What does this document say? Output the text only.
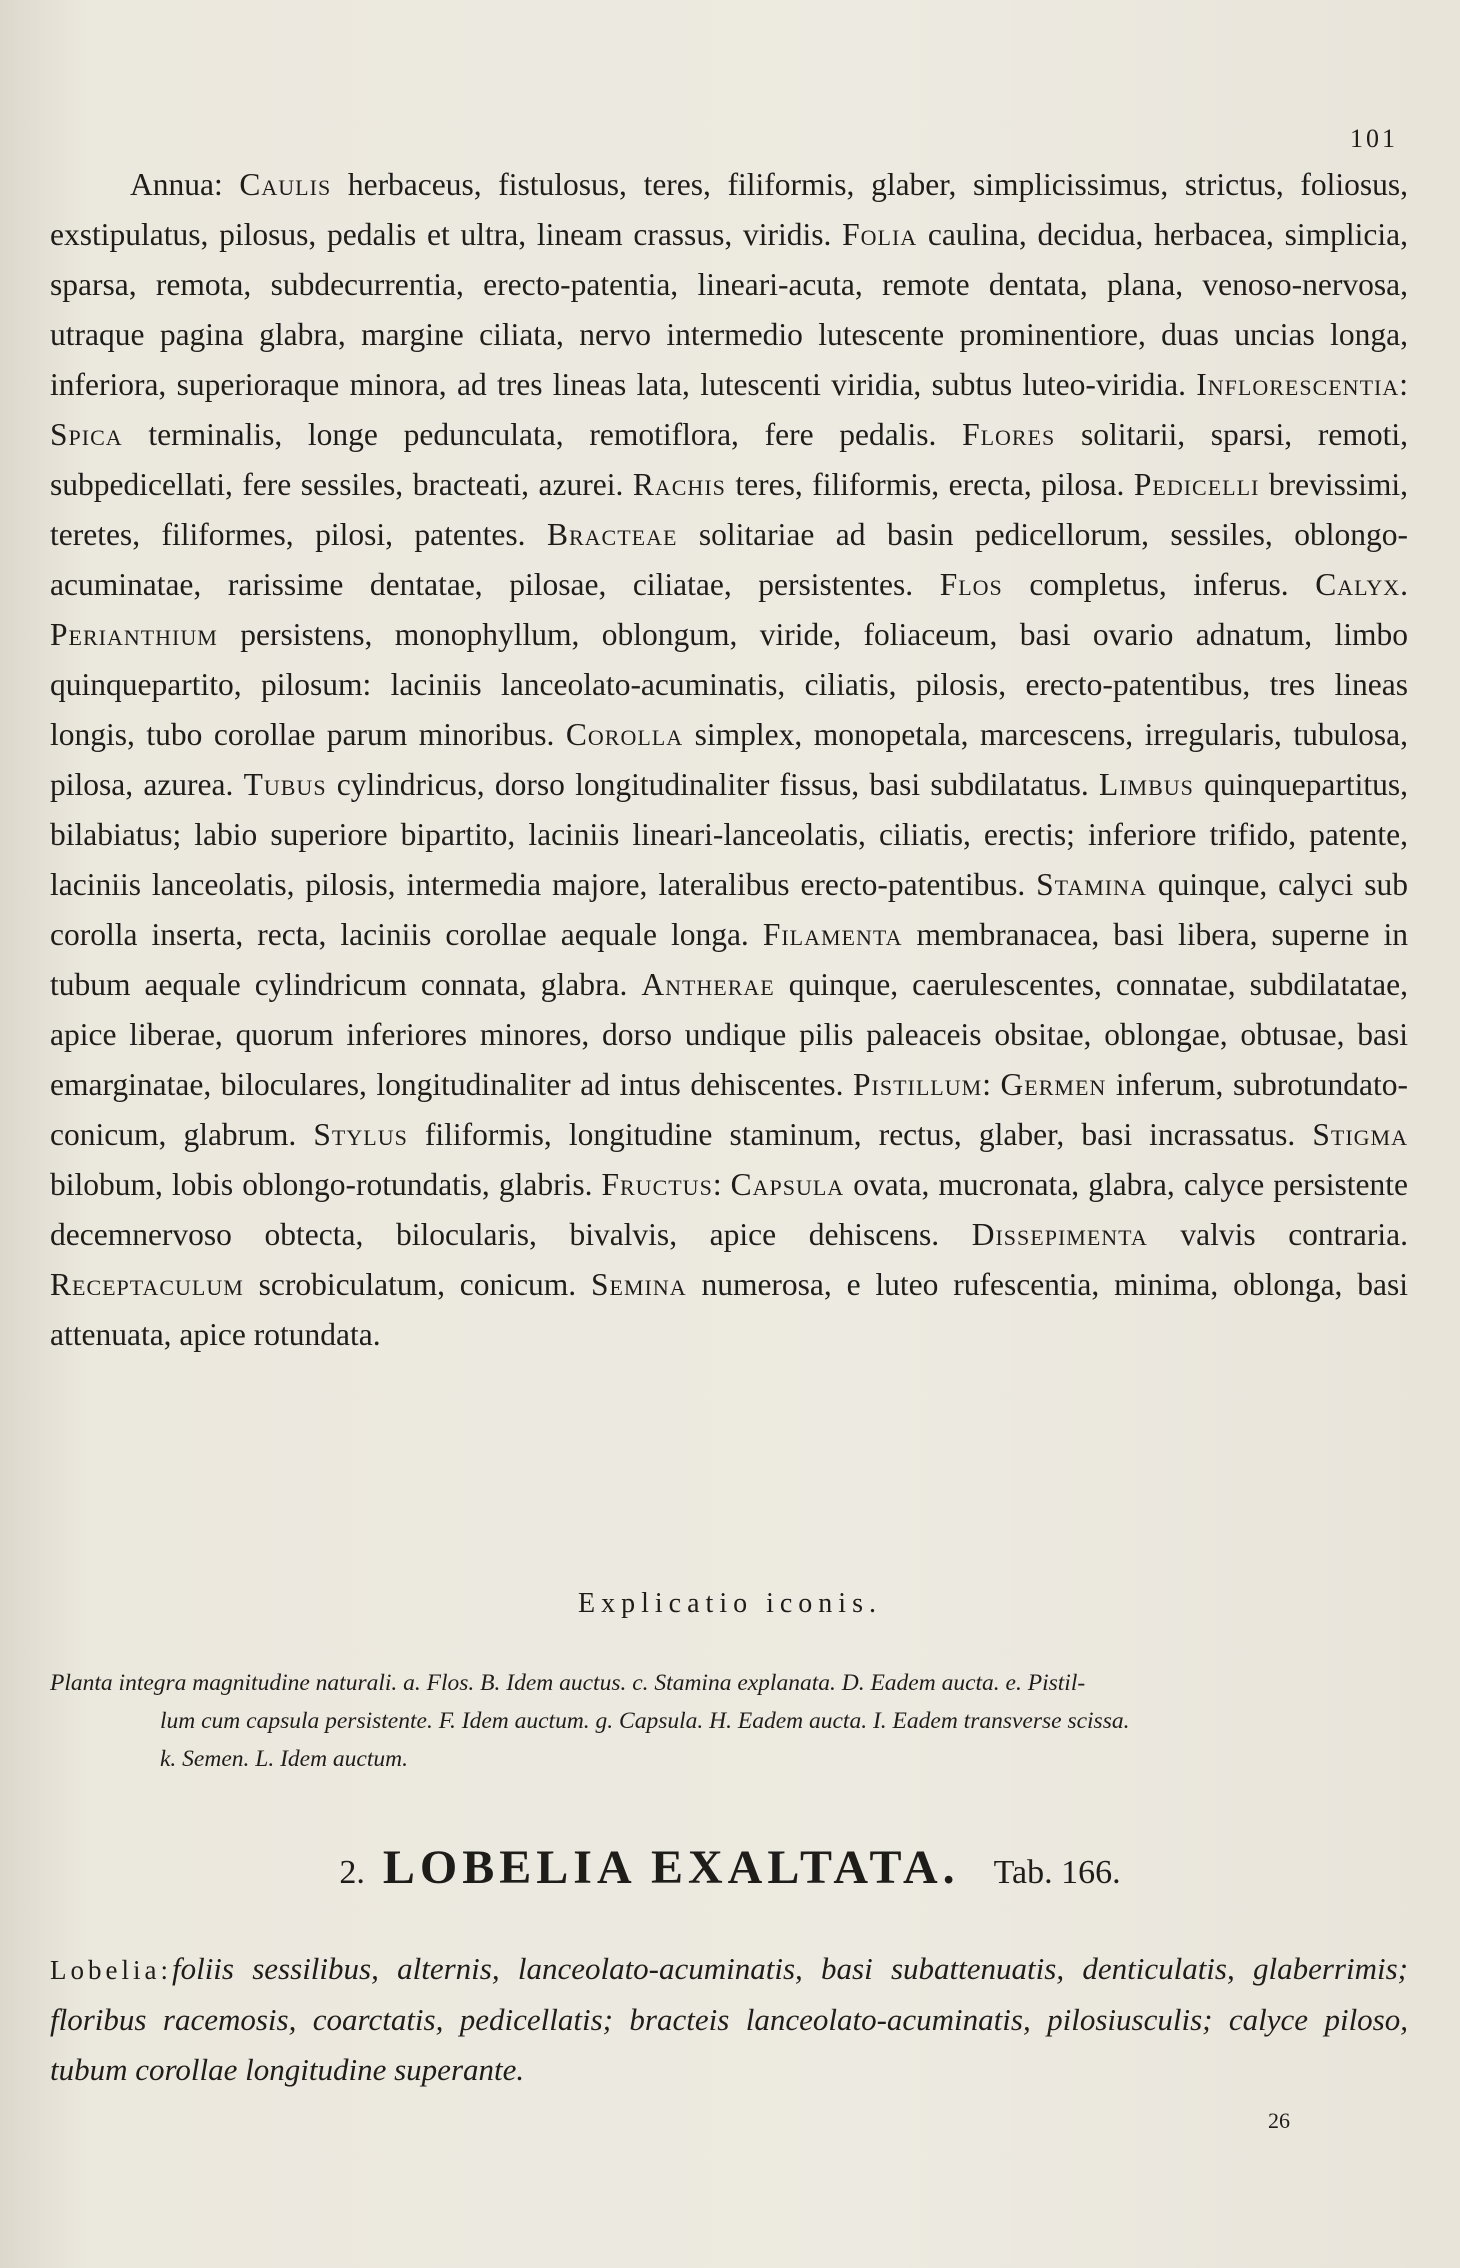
101

Annua: Caulis herbaceus, fistulosus, teres, filiformis, glaber, simplicissimus, strictus, foliosus, exstipulatus, pilosus, pedalis et ultra, lineam crassus, viridis. Folia caulina, decidua, herbacea, simplicia, sparsa, remota, subdecurrentia, erecto-patentia, lineari-acuta, remote dentata, plana, venoso-nervosa, utraque pagina glabra, margine ciliata, nervo intermedio lutescente prominentiore, duas uncias longa, inferiora, superioraque minora, ad tres lineas lata, lutescenti viridia, subtus luteo-viridia. Inflorescentia: Spica terminalis, longe pedunculata, remotiflora, fere pedalis. Flores solitarii, sparsi, remoti, subpedicellati, fere sessiles, bracteati, azurei. Rachis teres, filiformis, erecta, pilosa. Pedicelli brevissimi, teretes, filiformes, pilosi, patentes. Bracteae solitariae ad basin pedicellorum, sessiles, oblongo-acuminatae, rarissime dentatae, pilosae, ciliatae, persistentes. Flos completus, inferus. Calyx. Perianthium persistens, monophyllum, oblongum, viride, foliaceum, basi ovario adnatum, limbo quinquepartito, pilosum: laciniis lanceolato-acuminatis, ciliatis, pilosis, erecto-patentibus, tres lineas longis, tubo corollae parum minoribus. Corolla simplex, monopetala, marcescens, irregularis, tubulosa, pilosa, azurea. Tubus cylindricus, dorso longitudinaliter fissus, basi subdilatatus. Limbus quinquepartitus, bilabiatus; labio superiore bipartito, laciniis lineari-lanceolatis, ciliatis, erectis; inferiore trifido, patente, laciniis lanceolatis, pilosis, intermedia majore, lateralibus erecto-patentibus. Stamina quinque, calyci sub corolla inserta, recta, laciniis corollae aequale longa. Filamenta membranacea, basi libera, superne in tubum aequale cylindricum connata, glabra. Antherae quinque, caerulescentes, connatae, subdilatatae, apice liberae, quorum inferiores minores, dorso undique pilis paleaceis obsitae, oblongae, obtusae, basi emarginatae, biloculares, longitudinaliter ad intus dehiscentes. Pistillum: Germen inferum, subrotundato-conicum, glabrum. Stylus filiformis, longitudine staminum, rectus, glaber, basi incrassatus. Stigma bilobum, lobis oblongo-rotundatis, glabris. Fructus: Capsula ovata, mucronata, glabra, calyce persistente decemnervoso obtecta, bilocularis, bivalvis, apice dehiscens. Dissepimenta valvis contraria. Receptaculum scrobiculatum, conicum. Semina numerosa, e luteo rufescentia, minima, oblonga, basi attenuata, apice rotundata.

Explicatio iconis.
Planta integra magnitudine naturali. a. Flos. B. Idem auctus. c. Stamina explanata. D. Eadem aucta. e. Pistil-
lum cum capsula persistente. F. Idem auctum. g. Capsula. H. Eadem aucta. I. Eadem transverse scissa.
k. Semen. L. Idem auctum.
2. LOBELIA EXALTATA. Tab. 166.
Lobelia:foliis sessilibus, alternis, lanceolato-acuminatis, basi subattenuatis, denticulatis, glaberrimis; floribus racemosis, coarctatis, pedicellatis; bracteis lanceolato-acuminatis, pilosiusculis; calyce piloso, tubum corollae longitudine superante.
26
